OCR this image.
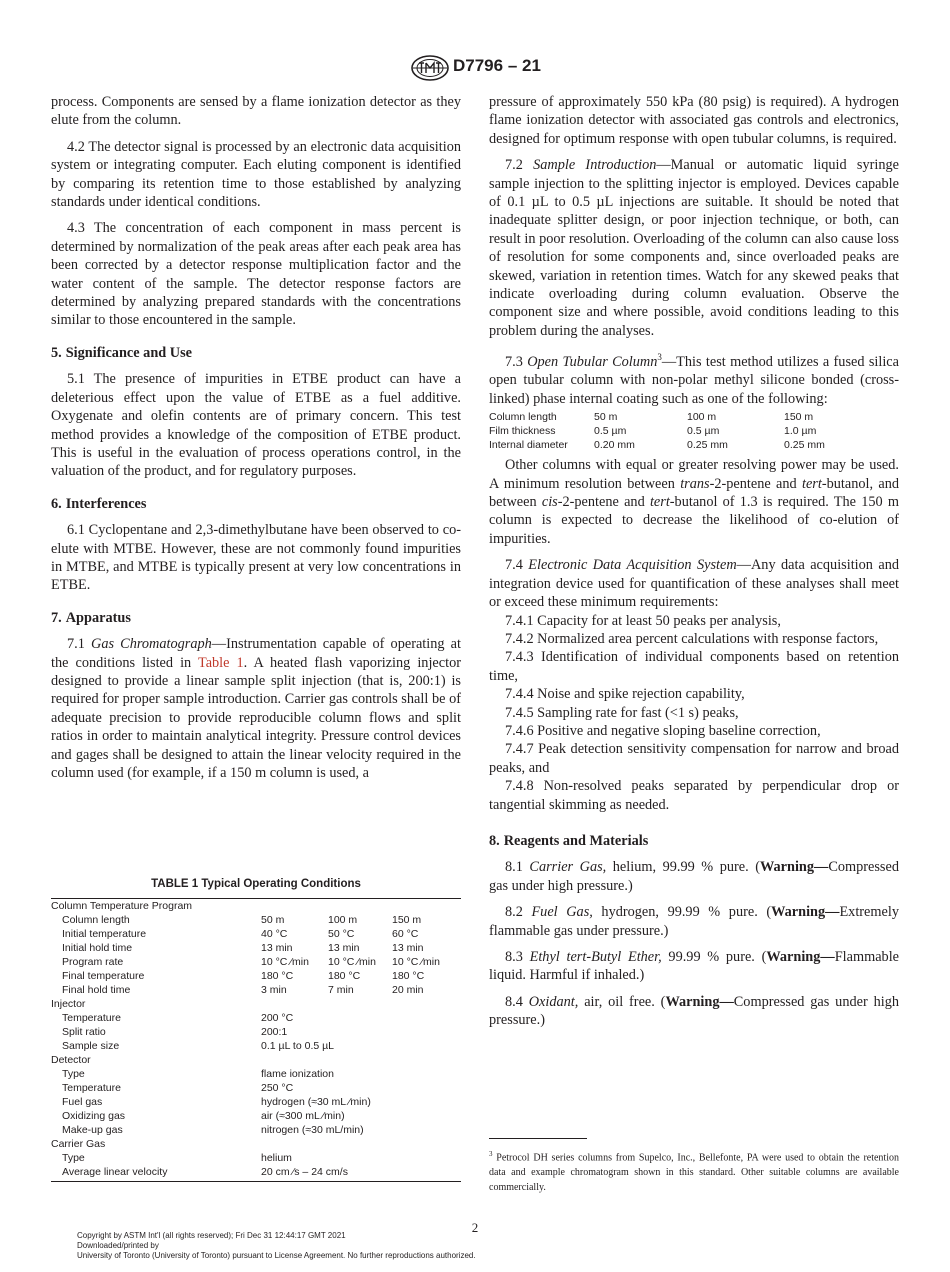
D7796 – 21

process. Components are sensed by a flame ionization detector as they elute from the column.

4.2 The detector signal is processed by an electronic data acquisition system or integrating computer. Each eluting component is identified by comparing its retention time to those established by analyzing standards under identical conditions.

4.3 The concentration of each component in mass percent is determined by normalization of the peak areas after each peak area has been corrected by a detector response multiplication factor and the water content of the sample. The detector response factors are determined by analyzing prepared standards with the concentrations similar to those encountered in the sample.

5. Significance and Use

5.1 The presence of impurities in ETBE product can have a deleterious effect upon the value of ETBE as a fuel additive. Oxygenate and olefin contents are of primary concern. This test method provides a knowledge of the composition of ETBE product. This is useful in the evaluation of process operations control, in the valuation of the product, and for regulatory purposes.

6. Interferences

6.1 Cyclopentane and 2,3-dimethylbutane have been observed to co-elute with MTBE. However, these are not commonly found impurities in MTBE, and MTBE is typically present at very low concentrations in ETBE.

7. Apparatus

7.1 Gas Chromatograph—Instrumentation capable of operating at the conditions listed in Table 1. A heated flash vaporizing injector designed to provide a linear sample split injection (that is, 200:1) is required for proper sample introduction. Carrier gas controls shall be of adequate precision to provide reproducible column flows and split ratios in order to maintain analytical integrity. Pressure control devices and gages shall be designed to attain the linear velocity required in the column used (for example, if a 150 m column is used, a

TABLE 1 Typical Operating Conditions
Column Temperature Program
Column length	50 m	100 m	150 m
Initial temperature	40 °C	50 °C	60 °C
Initial hold time	13 min	13 min	13 min
Program rate	10 °C ⁄min	10 °C ⁄min	10 °C ⁄min
Final temperature	180 °C	180 °C	180 °C
Final hold time	3 min	7 min	20 min
Injector
Temperature	200 °C
Split ratio	200:1
Sample size	0.1 µL to 0.5 µL
Detector
Type	flame ionization
Temperature	250 °C
Fuel gas	hydrogen (≈30 mL ⁄min)
Oxidizing gas	air (≈300 mL ⁄min)
Make-up gas	nitrogen (≈30 mL/min)
Carrier Gas
Type	helium
Average linear velocity	20 cm ⁄s – 24 cm/s

pressure of approximately 550 kPa (80 psig) is required). A hydrogen flame ionization detector with associated gas controls and electronics, designed for optimum response with open tubular columns, is required.

7.2 Sample Introduction—Manual or automatic liquid syringe sample injection to the splitting injector is employed. Devices capable of 0.1 µL to 0.5 µL injections are suitable. It should be noted that inadequate splitter design, or poor injection technique, or both, can result in poor resolution. Overloading of the column can also cause loss of resolution for some components and, since overloaded peaks are skewed, variation in retention times. Watch for any skewed peaks that indicate overloading during column evaluation. Observe the component size and where possible, avoid conditions leading to this problem during the analyses.

7.3 Open Tubular Column$^3$—This test method utilizes a fused silica open tubular column with non-polar methyl silicone bonded (cross-linked) phase internal coating such as one of the following:

Column length	50 m	100 m	150 m
Film thickness	0.5 µm	0.5 µm	1.0 µm
Internal diameter	0.20 mm	0.25 mm	0.25 mm

Other columns with equal or greater resolving power may be used. A minimum resolution between trans-2-pentene and tert-butanol, and between cis-2-pentene and tert-butanol of 1.3 is required. The 150 m column is expected to decrease the likelihood of co-elution of impurities.

7.4 Electronic Data Acquisition System—Any data acquisition and integration device used for quantification of these analyses shall meet or exceed these minimum requirements:

7.4.1 Capacity for at least 50 peaks per analysis,

7.4.2 Normalized area percent calculations with response factors,

7.4.3 Identification of individual components based on retention time,

7.4.4 Noise and spike rejection capability,

7.4.5 Sampling rate for fast (<1 s) peaks,

7.4.6 Positive and negative sloping baseline correction,

7.4.7 Peak detection sensitivity compensation for narrow and broad peaks, and

7.4.8 Non-resolved peaks separated by perpendicular drop or tangential skimming as needed.

8. Reagents and Materials

8.1 Carrier Gas, helium, 99.99 % pure. (Warning—Compressed gas under high pressure.)

8.2 Fuel Gas, hydrogen, 99.99 % pure. (Warning—Extremely flammable gas under pressure.)

8.3 Ethyl tert-Butyl Ether, 99.99 % pure. (Warning—Flammable liquid. Harmful if inhaled.)

8.4 Oxidant, air, oil free. (Warning—Compressed gas under high pressure.)

$^3$ Petrocol DH series columns from Supelco, Inc., Bellefonte, PA were used to obtain the retention data and example chromatogram shown in this standard. Other suitable columns are available commercially.
2
Copyright by ASTM Int'l (all rights reserved); Fri Dec 31 12:44:17 GMT 2021
Downloaded/printed by
University of Toronto (University of Toronto) pursuant to License Agreement. No further reproductions authorized.
